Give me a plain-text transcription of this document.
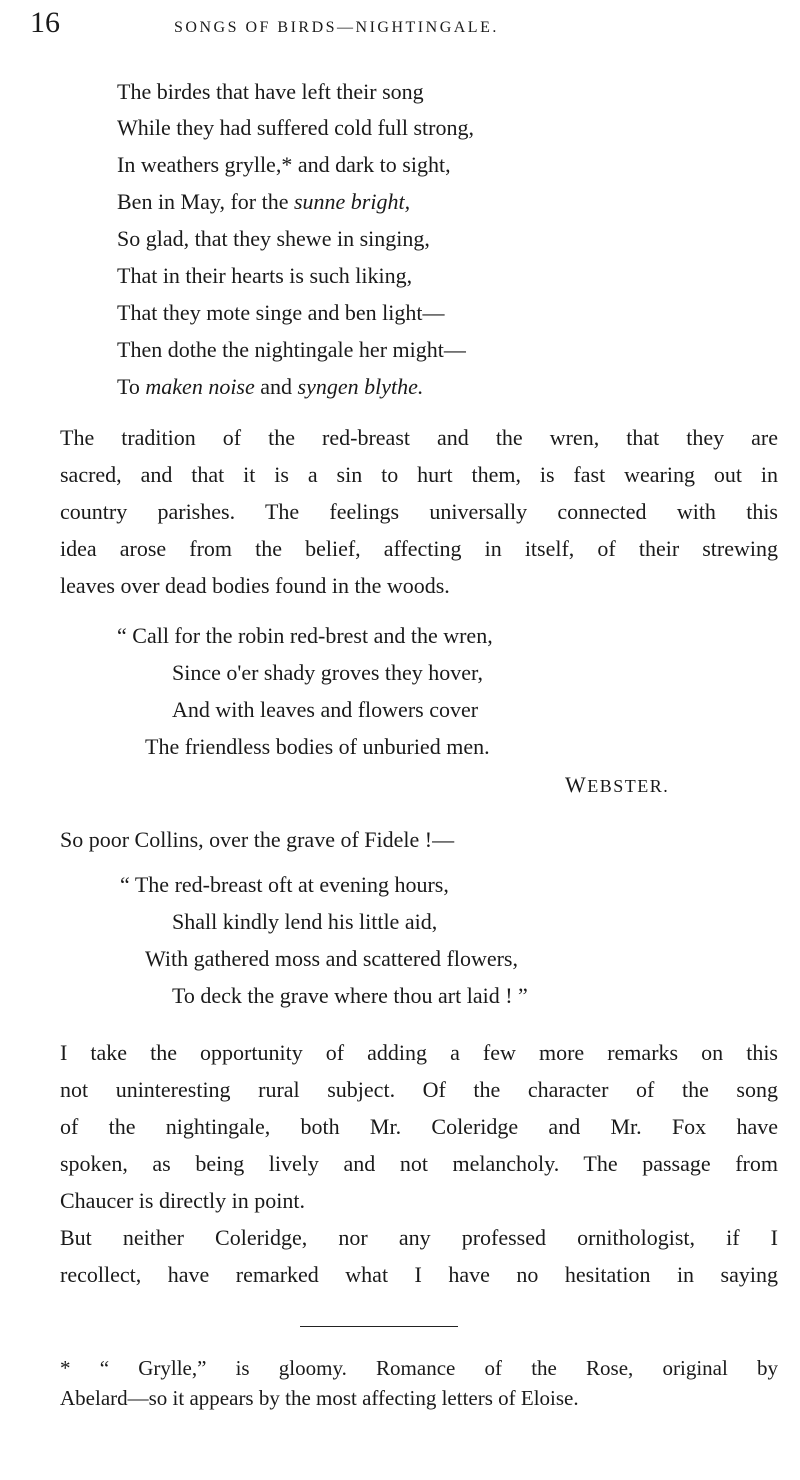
16	SONGS OF BIRDS—NIGHTINGALE.
The birdes that have left their song
While they had suffered cold full strong,
In weathers grylle,* and dark to sight,
Ben in May, for the sunne bright,
So glad, that they shewe in singing,
That in their hearts is such liking,
That they mote singe and ben light—
Then dothe the nightingale her might—
To maken noise and syngen blythe.
The tradition of the red-breast and the wren, that they are
sacred, and that it is a sin to hurt them, is fast wearing out in
country parishes. The feelings universally connected with this
idea arose from the belief, affecting in itself, of their strewing
leaves over dead bodies found in the woods.
“ Call for the robin red-brest and the wren,
Since o'er shady groves they hover,
And with leaves and flowers cover
The friendless bodies of unburied men.
WEBSTER.
So poor Collins, over the grave of Fidele !—
“ The red-breast oft at evening hours,
Shall kindly lend his little aid,
With gathered moss and scattered flowers,
To deck the grave where thou art laid ! ”
I take the opportunity of adding a few more remarks on this
not uninteresting rural subject. Of the character of the song
of the nightingale, both Mr. Coleridge and Mr. Fox have
spoken, as being lively and not melancholy. The passage from
Chaucer is directly in point.
But neither Coleridge, nor any professed ornithologist, if I
recollect, have remarked what I have no hesitation in saying
* “ Grylle,” is gloomy. Romance of the Rose, original by
Abelard—so it appears by the most affecting letters of Eloise.
